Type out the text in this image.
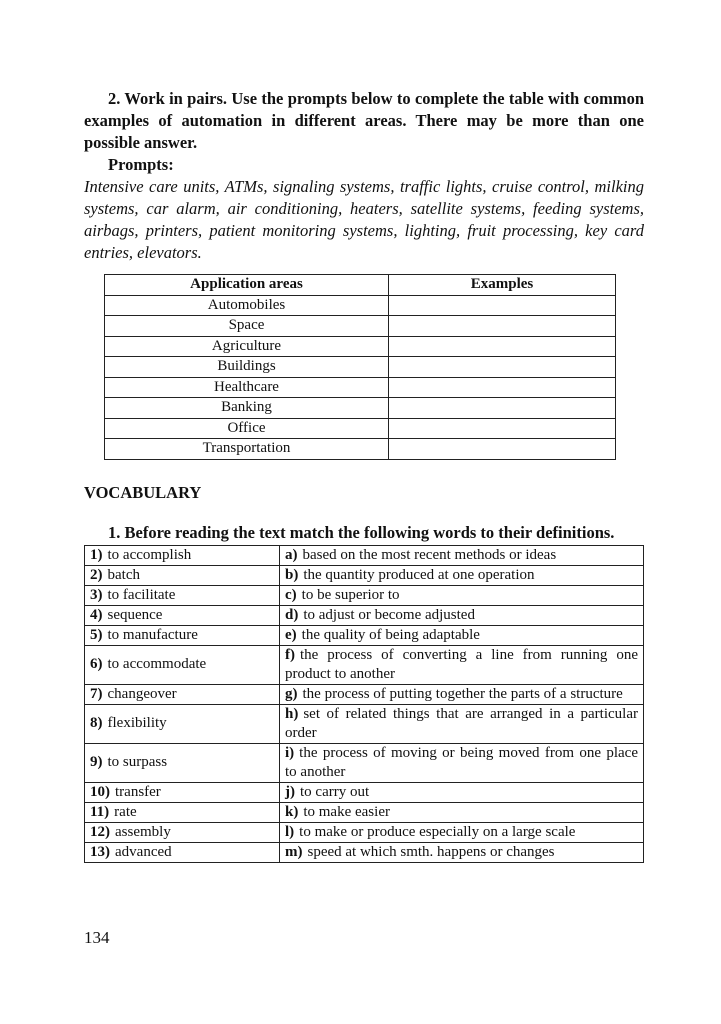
2. Work in pairs. Use the prompts below to complete the table with common examples of automation in different areas. There may be more than one possible answer.

Prompts:

Intensive care units, ATMs, signaling systems, traffic lights, cruise control, milking systems, car alarm, air conditioning, heaters, satellite systems, feeding systems, airbags, printers, patient monitoring systems, lighting, fruit processing, key card entries, elevators.

Application areas	Examples
Automobiles	
Space	
Agriculture	
Buildings	
Healthcare	
Banking	
Office	
Transportation	

VOCABULARY

1. Before reading the text match the following words to their definitions.

1) to accomplish	a) based on the most recent methods or ideas
2) batch	b) the quantity produced at one operation
3) to facilitate	c) to be superior to
4) sequence	d) to adjust or become adjusted
5) to manufacture	e) the quality of being adaptable
6) to accommodate	f) the process of converting a line from running one product to another
7) changeover	g) the process of putting together the parts of a structure
8) flexibility	h) set of related things that are arranged in a particular order
9) to surpass	i) the process of moving or being moved from one place to another
10) transfer	j) to carry out
11) rate	k) to make easier
12) assembly	l) to make or produce especially on a large scale
13) advanced	m) speed at which smth. happens or changes
134
